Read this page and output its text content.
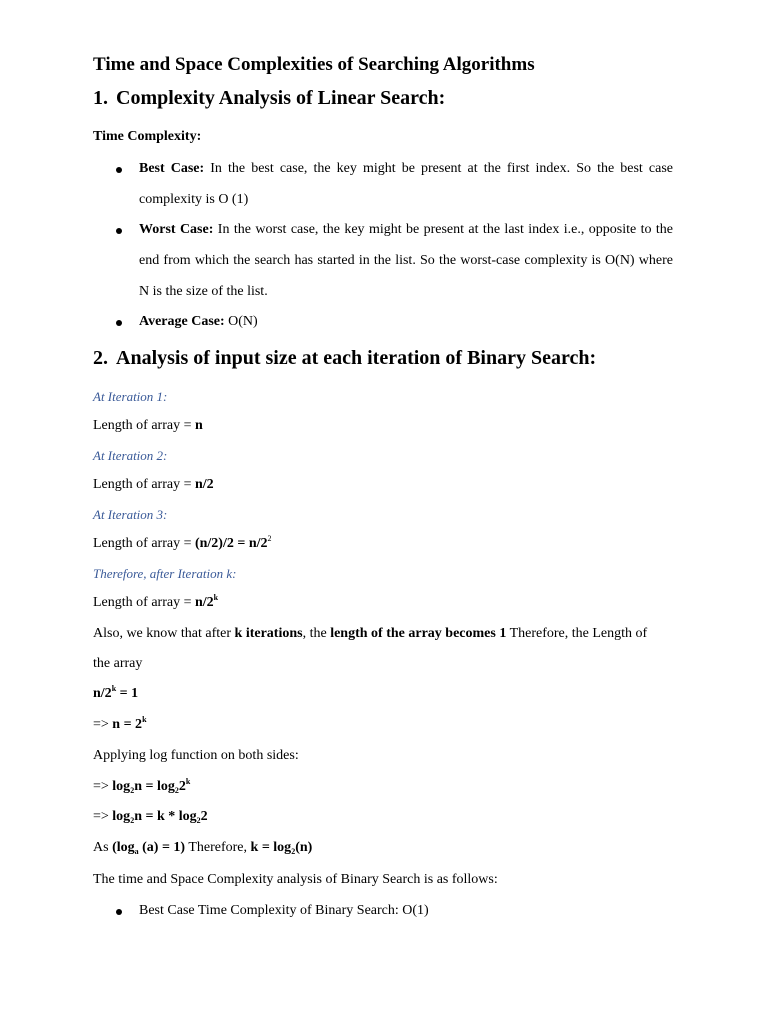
Time and Space Complexities of Searching Algorithms
1. Complexity Analysis of Linear Search:
Time Complexity:
Best Case: In the best case, the key might be present at the first index. So the best case
complexity is O (1)
Worst Case: In the worst case, the key might be present at the last index i.e., opposite to the
end from which the search has started in the list. So the worst-case complexity is O(N) where
N is the size of the list.
Average Case: O(N)
2. Analysis of input size at each iteration of Binary Search:
At Iteration 1:
Length of array = n
At Iteration 2:
Length of array = n/2
At Iteration 3:
Length of array = $(n/2)/2 = n/2^2$
Therefore, after Iteration k:
Length of array = $n/2^k$
Also, we know that after k iterations, the length of the array becomes 1 Therefore, the Length of
the array
$n/2^k = 1$
=> $n = 2^k$
Applying log function on both sides:
=> $\log_2n = \log_22^k$
=> $\log_2n = k * \log_22$
As ($\log_a$ (a) = 1) Therefore, $k = \log_2(n)$
The time and Space Complexity analysis of Binary Search is as follows:
Best Case Time Complexity of Binary Search: O(1)
